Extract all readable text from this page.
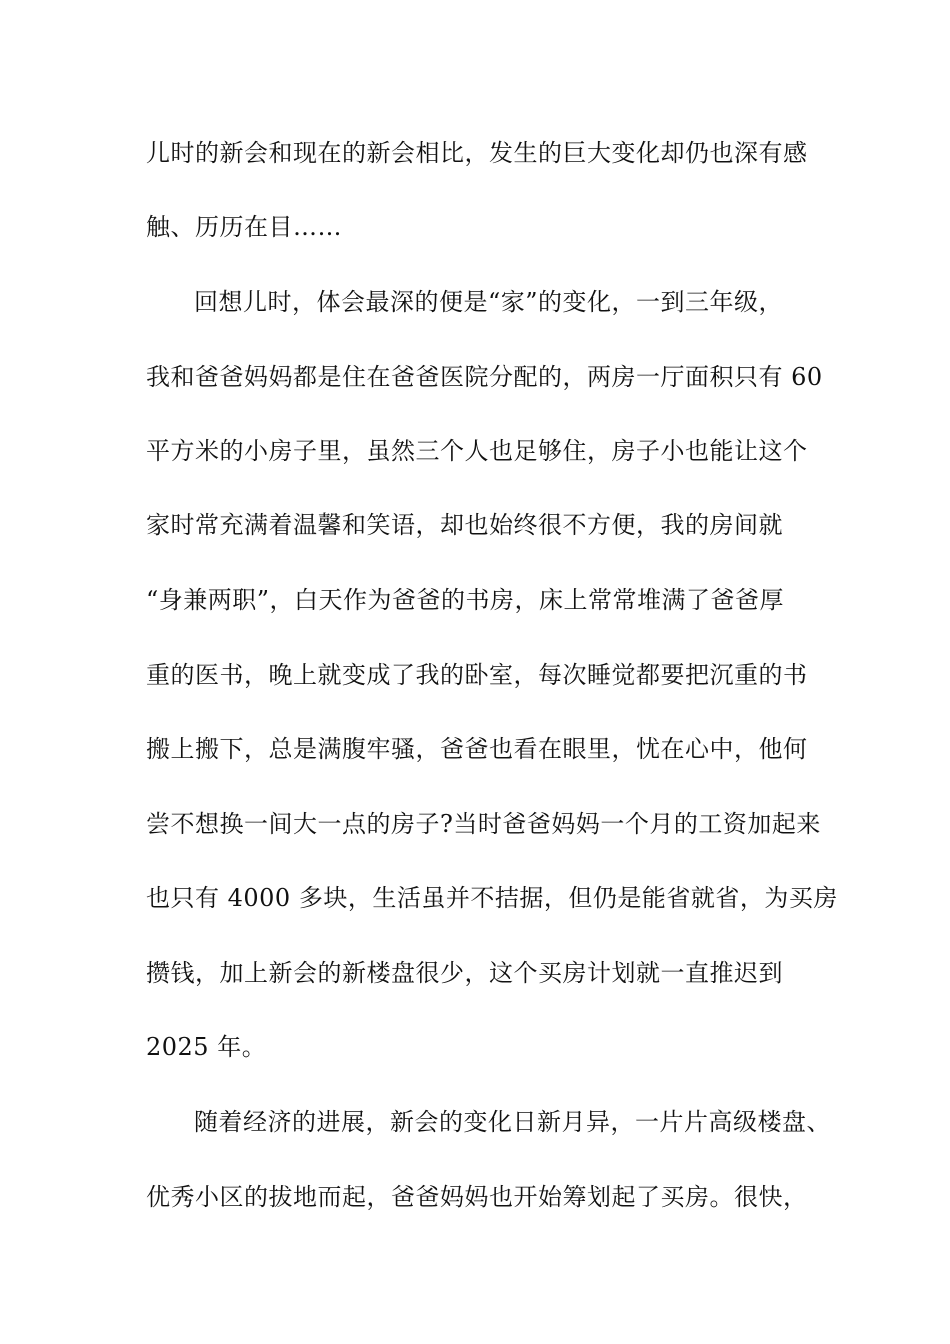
儿时的新会和现在的新会相比，发生的巨大变化却仍也深有感
触、历历在目……
回想儿时，体会最深的便是“家”的变化，一到三年级，
我和爸爸妈妈都是住在爸爸医院分配的，两房一厅面积只有 60
平方米的小房子里，虽然三个人也足够住，房子小也能让这个
家时常充满着温馨和笑语，却也始终很不方便，我的房间就
“身兼两职”，白天作为爸爸的书房，床上常常堆满了爸爸厚
重的医书，晚上就变成了我的卧室，每次睡觉都要把沉重的书
搬上搬下，总是满腹牢骚，爸爸也看在眼里，忧在心中，他何
尝不想换一间大一点的房子?当时爸爸妈妈一个月的工资加起来
也只有 4000 多块，生活虽并不拮据，但仍是能省就省，为买房
攒钱，加上新会的新楼盘很少，这个买房计划就一直推迟到
2025 年。
随着经济的进展，新会的变化日新月异，一片片高级楼盘、
优秀小区的拔地而起，爸爸妈妈也开始筹划起了买房。很快，
